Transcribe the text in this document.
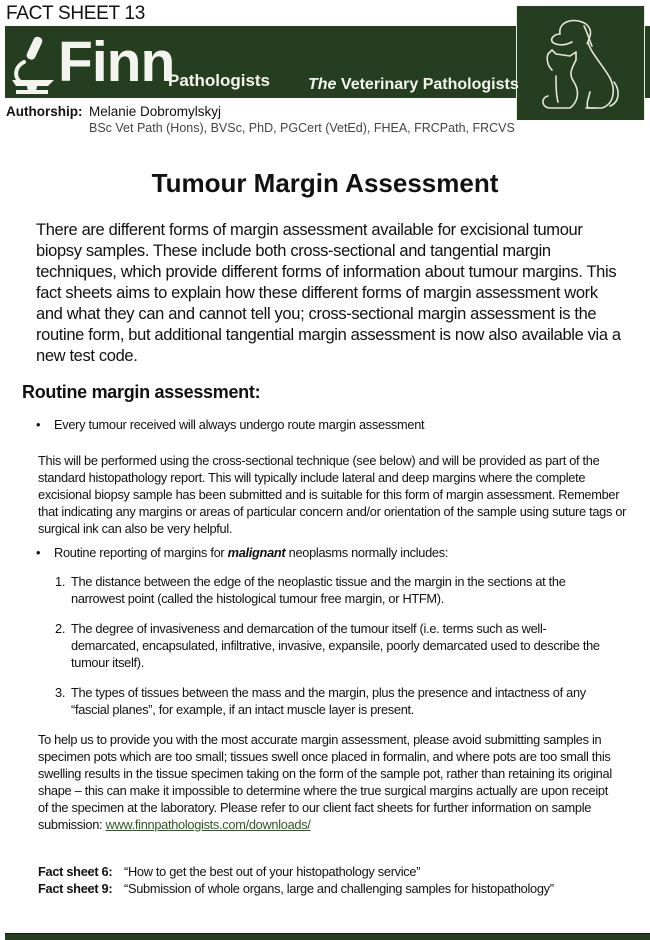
FACT SHEET 13
Finn
Pathologists The Veterinary Pathologists
Authorship: Melanie Dobromylskyj
BSc Vet Path (Hons), BVSc, PhD, PGCert (VetEd), FHEA, FRCPath, FRCVS
Tumour Margin Assessment
There are different forms of margin assessment available for excisional tumour biopsy samples. These include both cross-sectional and tangential margin techniques, which provide different forms of information about tumour margins. This fact sheets aims to explain how these different forms of margin assessment work and what they can and cannot tell you; cross-sectional margin assessment is the routine form, but additional tangential margin assessment is now also available via a new test code.
Routine margin assessment:
•	Every tumour received will always undergo route margin assessment
This will be performed using the cross-sectional technique (see below) and will be provided as part of the standard histopathology report. This will typically include lateral and deep margins where the complete excisional biopsy sample has been submitted and is suitable for this form of margin assessment. Remember that indicating any margins or areas of particular concern and/or orientation of the sample using suture tags or surgical ink can also be very helpful.
•	Routine reporting of margins for malignant neoplasms normally includes:
1. The distance between the edge of the neoplastic tissue and the margin in the sections at the narrowest point (called the histological tumour free margin, or HTFM).
2. The degree of invasiveness and demarcation of the tumour itself (i.e. terms such as well-demarcated, encapsulated, infiltrative, invasive, expansile, poorly demarcated used to describe the tumour itself).
3. The types of tissues between the mass and the margin, plus the presence and intactness of any “fascial planes”, for example, if an intact muscle layer is present.
To help us to provide you with the most accurate margin assessment, please avoid submitting samples in specimen pots which are too small; tissues swell once placed in formalin, and where pots are too small this swelling results in the tissue specimen taking on the form of the sample pot, rather than retaining its original shape – this can make it impossible to determine where the true surgical margins actually are upon receipt of the specimen at the laboratory. Please refer to our client fact sheets for further information on sample submission: www.finnpathologists.com/downloads/
Fact sheet 6: “How to get the best out of your histopathology service”
Fact sheet 9: “Submission of whole organs, large and challenging samples for histopathology”
